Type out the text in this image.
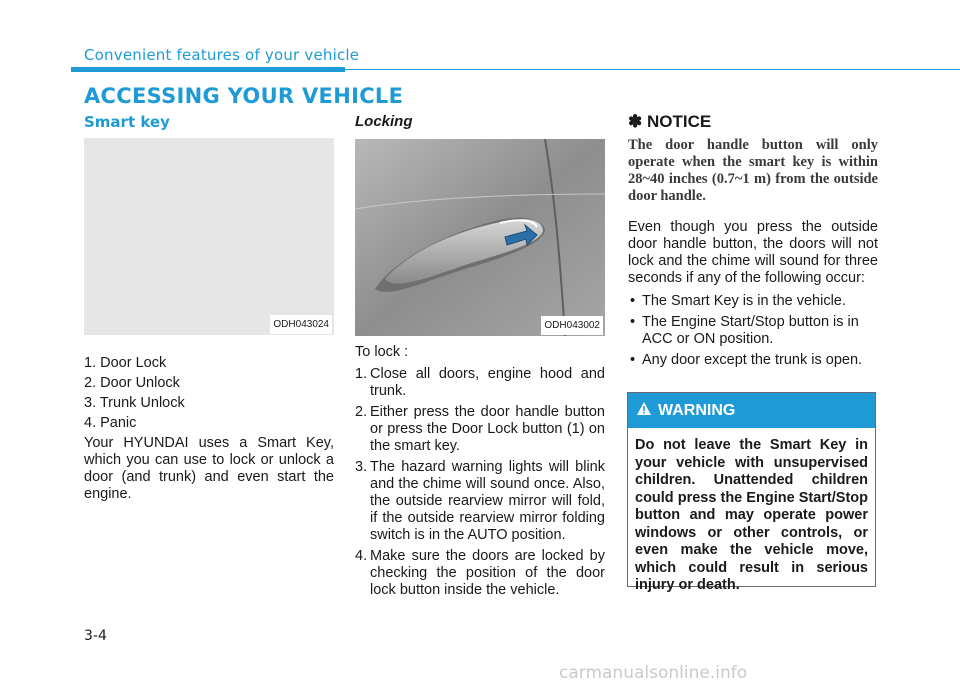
Convenient features of your vehicle
ACCESSING YOUR VEHICLE
Smart key
ODH043024
1. Door Lock
2. Door Unlock
3. Trunk Unlock
4. Panic
Your HYUNDAI uses a Smart Key, which you can use to lock or unlock a door (and trunk) and even start the engine.
Locking
ODH043002
To lock :
1. Close all doors, engine hood and trunk.
2. Either press the door handle button or press the Door Lock button (1) on the smart key.
3. The hazard warning lights will blink and the chime will sound once. Also, the outside rearview mirror will fold, if the outside rearview mirror folding switch is in the AUTO position.
4. Make sure the doors are locked by checking the position of the door lock button inside the vehicle.
✽ NOTICE
The door handle button will only operate when the smart key is within 28~40 inches (0.7~1 m) from the outside door handle.
Even though you press the outside door handle button, the doors will not lock and the chime will sound for three seconds if any of the following occur:
• The Smart Key is in the vehicle.
• The Engine Start/Stop button is in ACC or ON position.
• Any door except the trunk is open.
WARNING
Do not leave the Smart Key in your vehicle with unsupervised children. Unattended children could press the Engine Start/Stop button and may operate power windows or other controls, or even make the vehicle move, which could result in serious injury or death.
3-4
carmanualsonline.info
